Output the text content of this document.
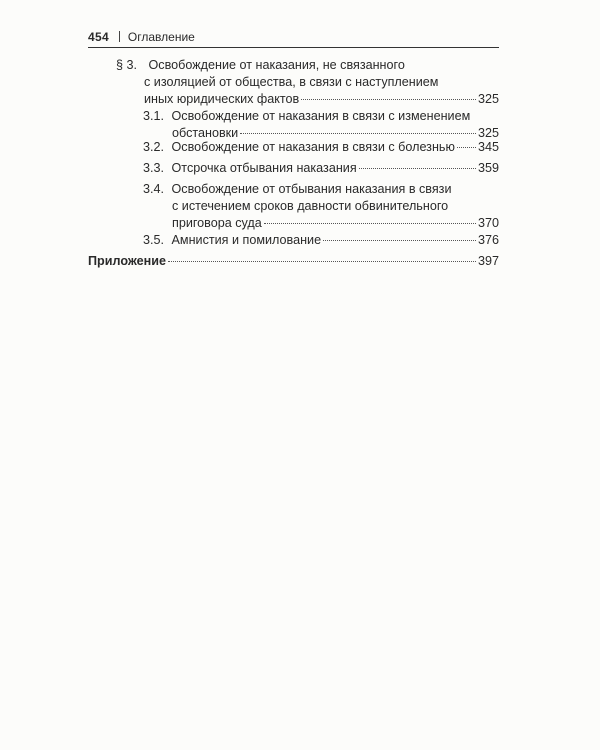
454 Оглавление
§ 3. Освобождение от наказания, не связанного
с изоляцией от общества, в связи с наступлением
иных юридических фактов	325
3.1. Освобождение от наказания в связи с изменением
обстановки	325
3.2. Освобождение от наказания в связи с болезнью 345
3.3. Отсрочка отбывания наказания	359
3.4. Освобождение от отбывания наказания в связи
с истечением сроков давности обвинительного
приговора суда	370
3.5. Амнистия и помилование	376
Приложение	397
